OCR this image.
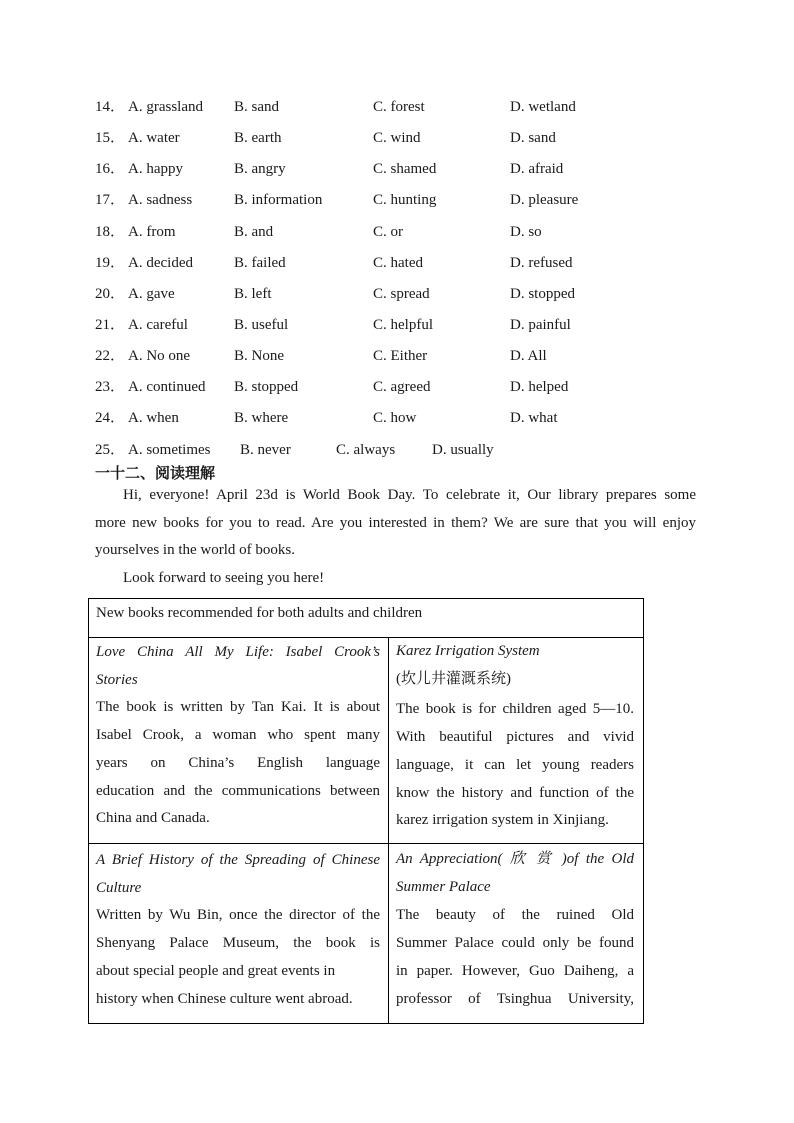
14． A. grassland B. sand	C. forest	D. wetland
15． A. water	B. earth	C. wind	D. sand
16． A. happy	B. angry	C. shamed	D. afraid
17． A. sadness	B. information	C. hunting	D. pleasure
18． A. from	B. and	C. or	D. so
19． A. decided	B. failed	C. hated	D. refused
20． A. gave	B. left	C. spread	D. stopped
21． A. careful	B. useful	C. helpful	D. painful
22． A. No one	B. None	C. Either	D. All
23． A. continued B. stopped	C. agreed	D. helped
24． A. when	B. where	C. how	D. what
25． A. sometimes B. never	C. always D. usually
一十二、阅读理解
Hi, everyone! April 23d is World Book Day. To celebrate it, Our library prepares some
more new books for you to read. Are you interested in them? We are sure that you will enjoy
yourselves in the world of books.
Look forward to seeing you here!
New books recommended for both adults and children
Love China All My Life: Isabel Crook’s
Stories
The book is written by Tan Kai. It is about
Isabel Crook, a woman who spent many
years on China’s English language
education and the communications between
China and Canada.
Karez Irrigation System
(坎儿井灌溉系统)
The book is for children aged 5—10.
With beautiful pictures and vivid
language, it can let young readers
know the history and function of the
karez irrigation system in Xinjiang.
A Brief History of the Spreading of Chinese
Culture
Written by Wu Bin, once the director of the
Shenyang Palace Museum, the book is
about special people and great events in
history when Chinese culture went abroad.
An Appreciation( 欣 赏 )of the Old
Summer Palace
The beauty of the ruined Old
Summer Palace could only be found
in paper. However, Guo Daiheng, a
professor of Tsinghua University,
